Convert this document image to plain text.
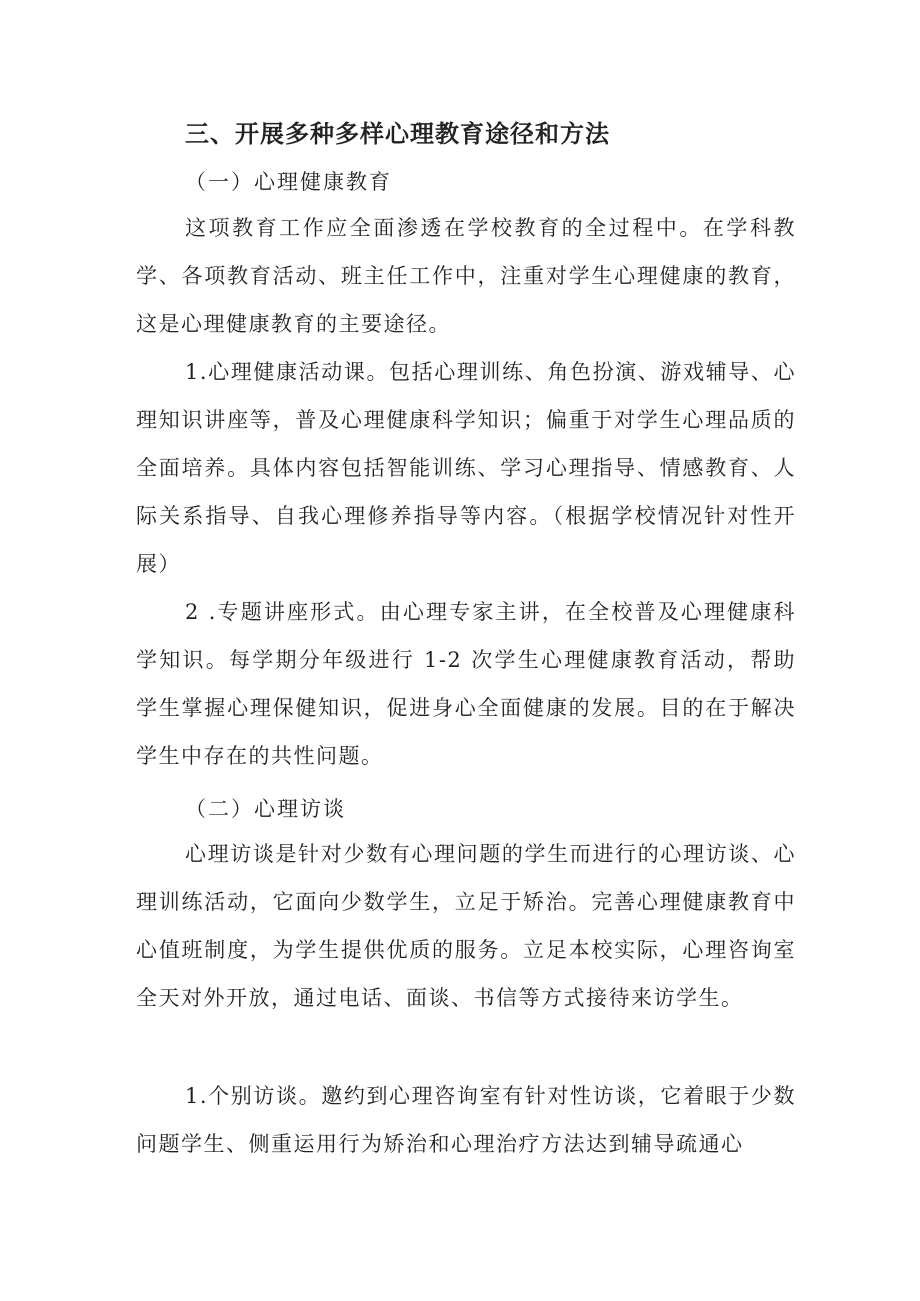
三、开展多种多样心理教育途径和方法
（一）心理健康教育

这项教育工作应全面渗透在学校教育的全过程中。在学科教学、各项教育活动、班主任工作中，注重对学生心理健康的教育，这是心理健康教育的主要途径。

1.心理健康活动课。包括心理训练、角色扮演、游戏辅导、心理知识讲座等，普及心理健康科学知识；偏重于对学生心理品质的全面培养。具体内容包括智能训练、学习心理指导、情感教育、人际关系指导、自我心理修养指导等内容。（根据学校情况针对性开展）

2 .专题讲座形式。由心理专家主讲，在全校普及心理健康科学知识。每学期分年级进行 1-2 次学生心理健康教育活动，帮助学生掌握心理保健知识，促进身心全面健康的发展。目的在于解决学生中存在的共性问题。

（二）心理访谈

心理访谈是针对少数有心理问题的学生而进行的心理访谈、心理训练活动，它面向少数学生，立足于矫治。完善心理健康教育中心值班制度，为学生提供优质的服务。立足本校实际，心理咨询室全天对外开放，通过电话、面谈、书信等方式接待来访学生。

1.个别访谈。邀约到心理咨询室有针对性访谈，它着眼于少数问题学生、侧重运用行为矫治和心理治疗方法达到辅导疏通心
